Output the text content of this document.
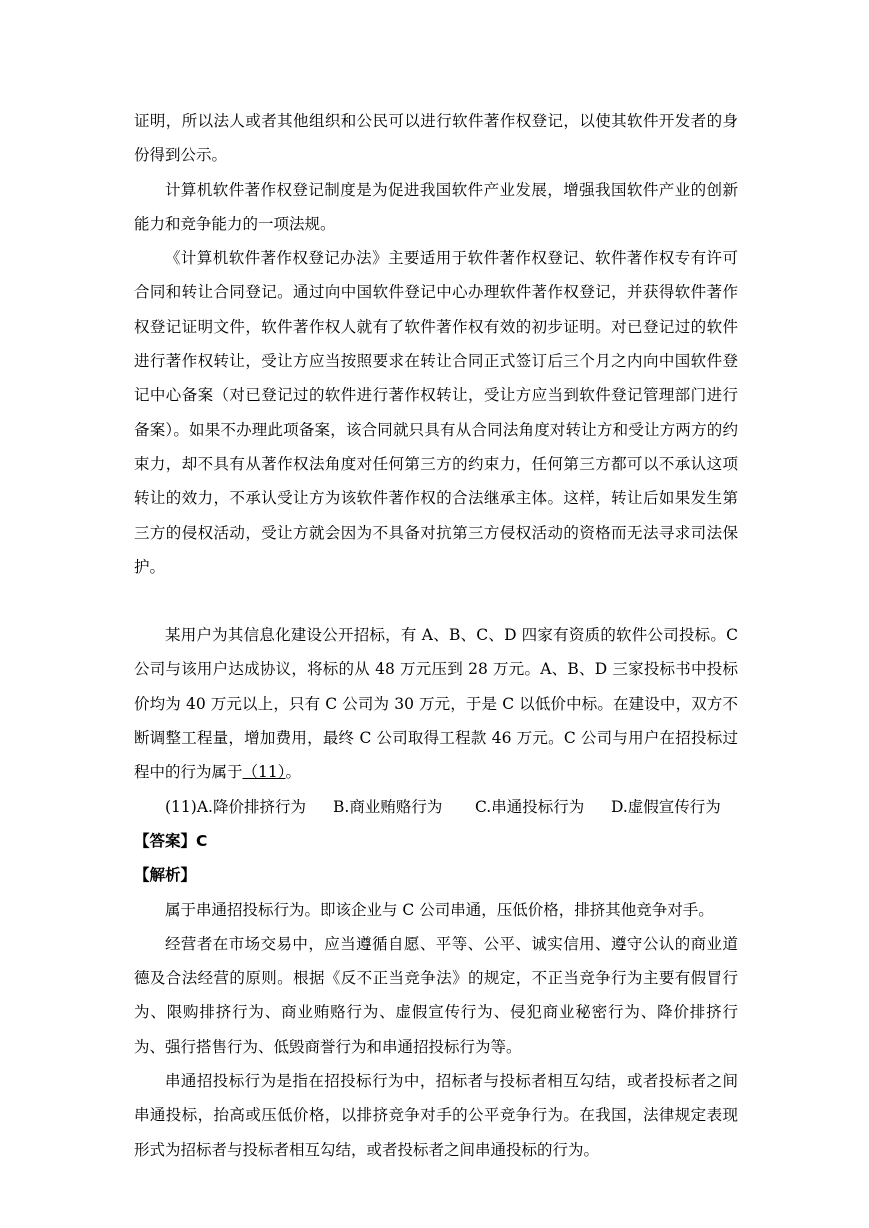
证明，所以法人或者其他组织和公民可以进行软件著作权登记，以使其软件开发者的身份得到公示。

计算机软件著作权登记制度是为促进我国软件产业发展，增强我国软件产业的创新能力和竞争能力的一项法规。

《计算机软件著作权登记办法》主要适用于软件著作权登记、软件著作权专有许可合同和转让合同登记。通过向中国软件登记中心办理软件著作权登记，并获得软件著作权登记证明文件，软件著作权人就有了软件著作权有效的初步证明。对已登记过的软件进行著作权转让，受让方应当按照要求在转让合同正式签订后三个月之内向中国软件登记中心备案（对已登记过的软件进行著作权转让，受让方应当到软件登记管理部门进行备案）。如果不办理此项备案，该合同就只具有从合同法角度对转让方和受让方两方的约束力，却不具有从著作权法角度对任何第三方的约束力，任何第三方都可以不承认这项转让的效力，不承认受让方为该软件著作权的合法继承主体。这样，转让后如果发生第三方的侵权活动，受让方就会因为不具备对抗第三方侵权活动的资格而无法寻求司法保护。

某用户为其信息化建设公开招标，有 A、B、C、D 四家有资质的软件公司投标。C 公司与该用户达成协议，将标的从 48 万元压到 28 万元。A、B、D 三家投标书中投标价均为 40 万元以上，只有 C 公司为 30 万元，于是 C 以低价中标。在建设中，双方不断调整工程量，增加费用，最终 C 公司取得工程款 46 万元。C 公司与用户在招投标过程中的行为属于（11）。

(11)A.降价排挤行为 B.商业贿赂行为 C.串通投标行为 D.虚假宣传行为

【答案】C

【解析】

属于串通招投标行为。即该企业与 C 公司串通，压低价格，排挤其他竞争对手。

经营者在市场交易中，应当遵循自愿、平等、公平、诚实信用、遵守公认的商业道德及合法经营的原则。根据《反不正当竞争法》的规定，不正当竞争行为主要有假冒行为、限购排挤行为、商业贿赂行为、虚假宣传行为、侵犯商业秘密行为、降价排挤行为、强行搭售行为、低毁商誉行为和串通招投标行为等。

串通招投标行为是指在招投标行为中，招标者与投标者相互勾结，或者投标者之间串通投标，抬高或压低价格，以排挤竞争对手的公平竞争行为。在我国，法律规定表现形式为招标者与投标者相互勾结，或者投标者之间串通投标的行为。
